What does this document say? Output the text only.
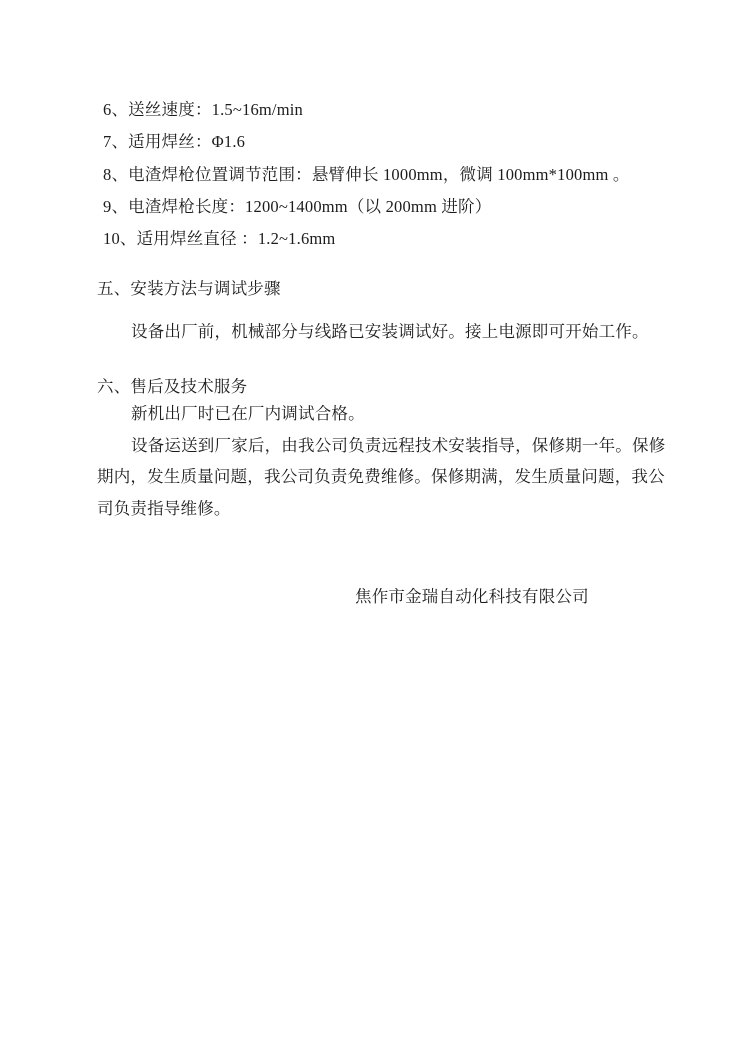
6、送丝速度：1.5~16m/min
7、适用焊丝：Φ1.6
8、电渣焊枪位置调节范围：悬臂伸长 1000mm，微调 100mm*100mm 。
9、电渣焊枪长度：1200~1400mm（以 200mm 进阶）
10、适用焊丝直径 ：1.2~1.6mm
五、安装方法与调试步骤
设备出厂前，机械部分与线路已安装调试好。接上电源即可开始工作。
六、售后及技术服务
新机出厂时已在厂内调试合格。
设备运送到厂家后，由我公司负责远程技术安装指导，保修期一年。保修
期内，发生质量问题，我公司负责免费维修。保修期满，发生质量问题，我公
司负责指导维修。
焦作市金瑞自动化科技有限公司
